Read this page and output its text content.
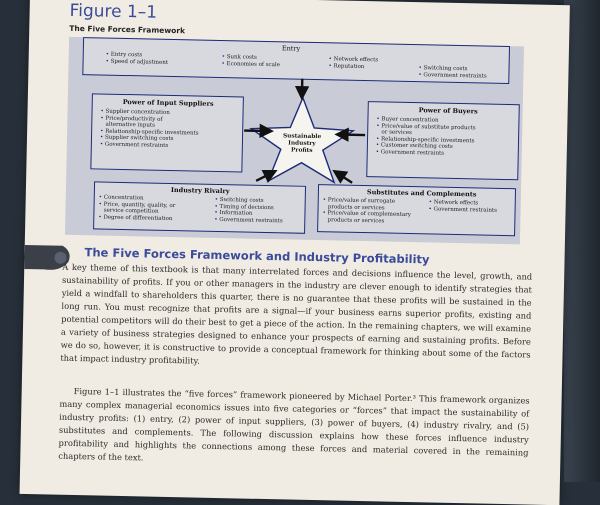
Figure 1–1
The Five Forces Framework
Entry
• Entry costs
• Speed of adjustment
• Sunk costs
• Economies of scale
• Network effects
• Reputation	• Switching costs
• Government restraints
Power of Input Suppliers
• Supplier concentration
• Price/productivity of
alternative inputs
• Relationship-specific investments
• Supplier switching costs
• Government restraints
Power of Buyers
• Buyer concentration
• Price/value of substitute products
or services
• Relationship-specific investments
• Customer switching costs
• Government restraints
Sustainable
Industry
Profits
Industry Rivalry
• Concentration
• Price, quantity, quality, or
service competition
• Degree of differentiation
• Switching costs
• Timing of decisions
• Information
• Government restraints
Substitutes and Complements
• Price/value of surrogate
products or services
• Price/value of complementary
products or services
• Network effects
• Government restraints
The Five Forces Framework and Industry Profitability
A key theme of this textbook is that many interrelated forces and decisions influence the level, growth, and sustainability of profits. If you or other managers in the industry are clever enough to identify strategies that yield a windfall to shareholders this quarter, there is no guarantee that these profits will be sustained in the long run. You must recognize that profits are a signal—if your business earns superior profits, existing and potential competitors will do their best to get a piece of the action. In the remaining chapters, we will examine a variety of business strategies designed to enhance your prospects of earning and sustaining profits. Before we do so, however, it is constructive to provide a conceptual framework for thinking about some of the factors that impact industry profitability.
Figure 1–1 illustrates the “five forces” framework pioneered by Michael Porter.³ This framework organizes many complex managerial economics issues into five categories or “forces” that impact the sustainability of industry profits: (1) entry, (2) power of input suppliers, (3) power of buyers, (4) industry rivalry, and (5) substitutes and complements. The following discussion explains how these forces influence industry profitability and highlights the connections among these forces and material covered in the remaining chapters of the text.
